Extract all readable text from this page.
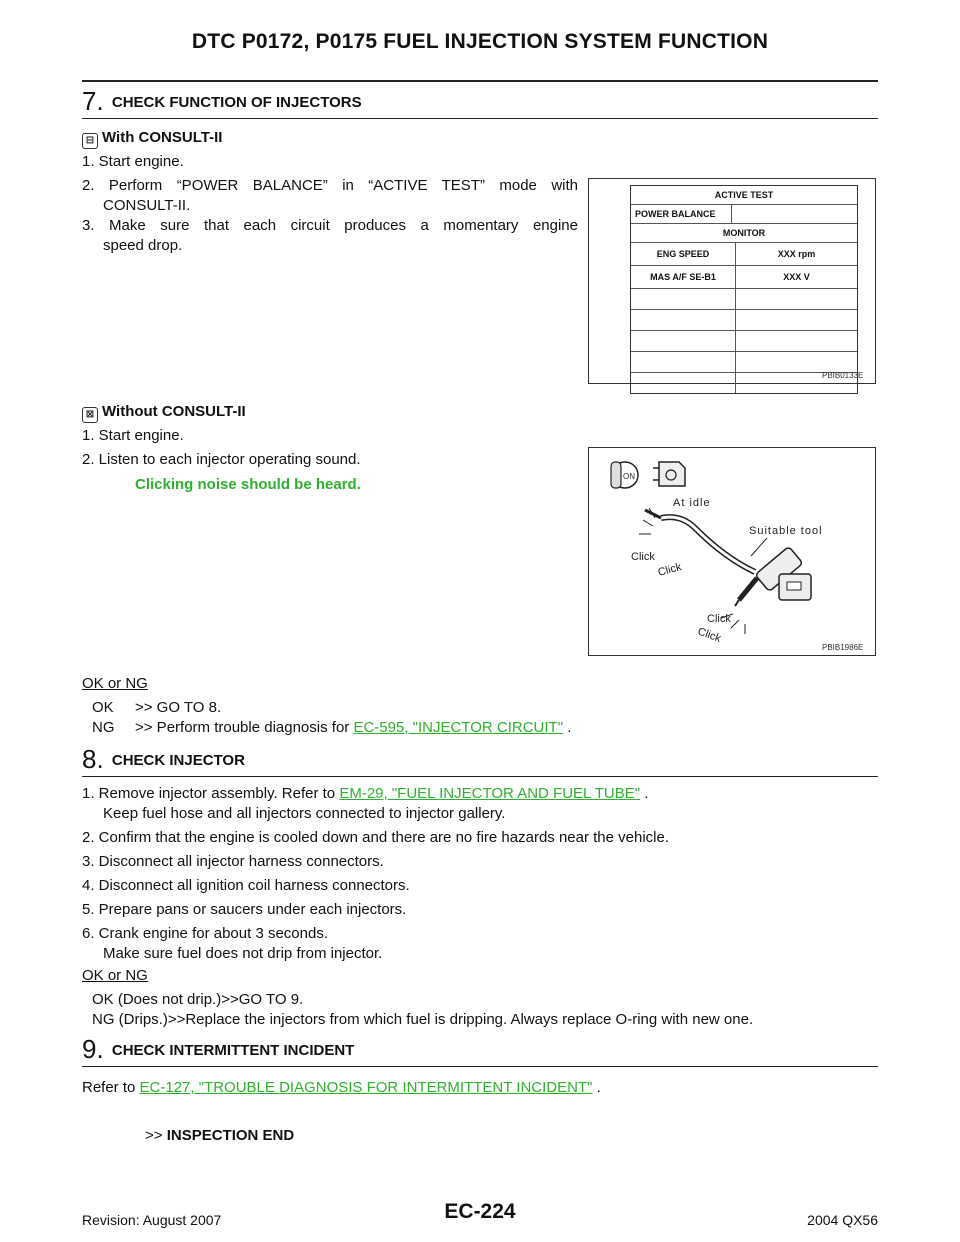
DTC P0172, P0175 FUEL INJECTION SYSTEM FUNCTION
7. CHECK FUNCTION OF INJECTORS
⊟ With CONSULT-II
1. Start engine.
2. Perform “POWER BALANCE” in “ACTIVE TEST” mode with
CONSULT-II.
3. Make sure that each circuit produces a momentary engine
speed drop.
ACTIVE TEST
POWER BALANCE
MONITOR
ENG SPEED	XXX rpm
MAS A/F SE-B1	XXX V
PBIB0133E
⊠ Without CONSULT-II
1. Start engine.
2. Listen to each injector operating sound.
Clicking noise should be heard.	ON
At idle
Suitable tool
Click
Click
Click
Click
PBIB1986E
OK or NG
OK >> GO TO 8.
NG >> Perform trouble diagnosis for EC-595, "INJECTOR CIRCUIT" .
8. CHECK INJECTOR
1. Remove injector assembly. Refer to EM-29, "FUEL INJECTOR AND FUEL TUBE" .
Keep fuel hose and all injectors connected to injector gallery.
2. Confirm that the engine is cooled down and there are no fire hazards near the vehicle.
3. Disconnect all injector harness connectors.
4. Disconnect all ignition coil harness connectors.
5. Prepare pans or saucers under each injectors.
6. Crank engine for about 3 seconds.
Make sure fuel does not drip from injector.
OK or NG
OK (Does not drip.)>>GO TO 9.
NG (Drips.)>>Replace the injectors from which fuel is dripping. Always replace O-ring with new one.
9. CHECK INTERMITTENT INCIDENT
Refer to EC-127, "TROUBLE DIAGNOSIS FOR INTERMITTENT INCIDENT" .
>> INSPECTION END
Revision: August 2007	EC-224	2004 QX56
